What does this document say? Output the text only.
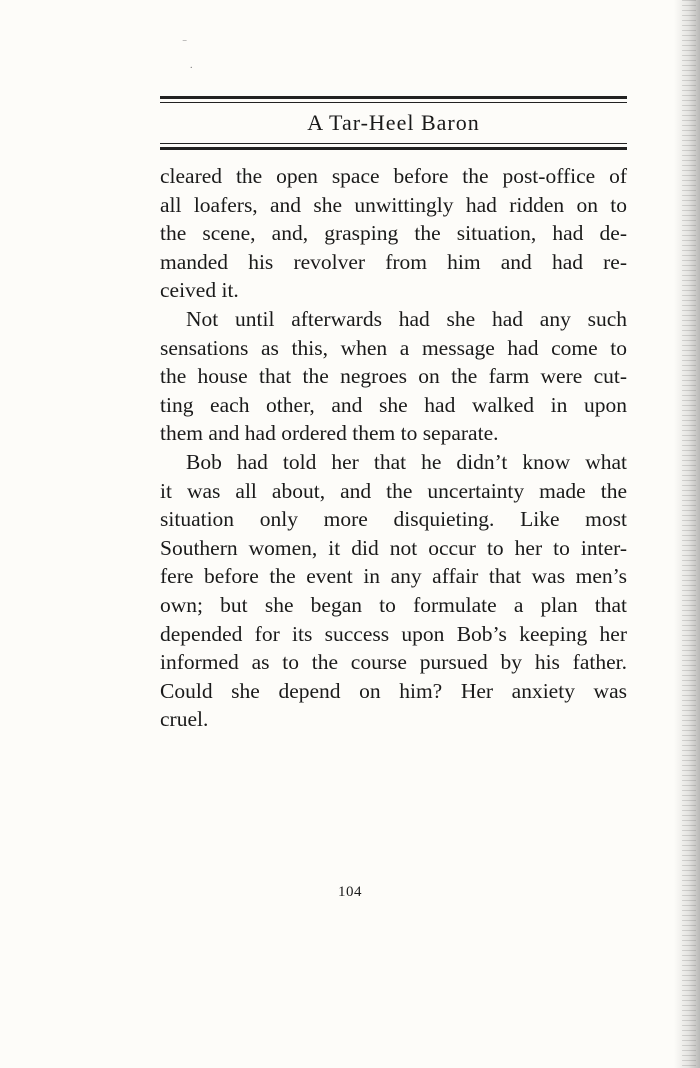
⁻
.
A Tar-Heel Baron
cleared the open space before the post-office of
all loafers, and she unwittingly had ridden on to
the scene, and, grasping the situation, had de-
manded his revolver from him and had re-
ceived it.
Not until afterwards had she had any such
sensations as this, when a message had come to
the house that the negroes on the farm were cut-
ting each other, and she had walked in upon
them and had ordered them to separate.
Bob had told her that he didn’t know what
it was all about, and the uncertainty made the
situation only more disquieting. Like most
Southern women, it did not occur to her to inter-
fere before the event in any affair that was men’s
own; but she began to formulate a plan that
depended for its success upon Bob’s keeping her
informed as to the course pursued by his father.
Could she depend on him? Her anxiety was
cruel.
104
